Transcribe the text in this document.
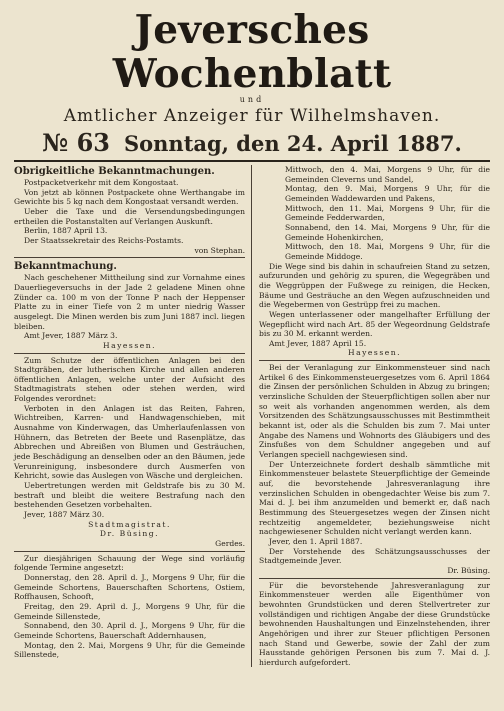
Jeversches Wochenblatt
und
Amtlicher Anzeiger für Wilhelmshaven.
№ 63 Sonntag, den 24. April 1887.

Obrigkeitliche Bekanntmachungen.

Postpacketverkehr mit dem Kongostaat.

Von jetzt ab können Postpackete ohne Werthangabe im Gewichte bis 5 kg nach dem Kongostaat versandt werden.

Ueber die Taxe und die Versendungsbedingungen ertheilen die Postanstalten auf Verlangen Auskunft.

Berlin, 1887 April 13.

Der Staatssekretair des Reichs-Postamts.

von Stephan.

Bekanntmachung.

Nach geschehener Mittheilung sind zur Vornahme eines Dauerliegeversuchs in der Jade 2 geladene Minen ohne Zünder ca. 100 m von der Tonne P nach der Heppenser Platte zu in einer Tiefe von 2 m unter niedrig Wasser ausgelegt. Die Minen werden bis zum Juni 1887 incl. liegen bleiben.

Amt Jever, 1887 März 3.

Hayessen.

Zum Schutze der öffentlichen Anlagen bei den Stadtgräben, der lutherischen Kirche und allen anderen öffentlichen Anlagen, welche unter der Aufsicht des Stadtmagistrats stehen oder stehen werden, wird Folgendes verordnet:

Verboten in den Anlagen ist das Reiten, Fahren, Wichtreiben, Karren- und Handwagenschieben, mit Ausnahme von Kinderwagen, das Umherlaufenlassen von Hühnern, das Betreten der Beete und Rasenplätze, das Abbrechen und Abreißen von Blumen und Gesträuchen, jede Beschädigung an denselben oder an den Bäumen, jede Verunreinigung, insbesondere durch Ausmerfen von Kehricht, sowie das Auslegen von Wäsche und dergleichen.

Uebertretungen werden mit Geldstrafe bis zu 30 M. bestraft und bleibt die weitere Bestrafung nach den bestehenden Gesetzen vorbehalten.

Jever, 1887 März 30.

Stadtmagistrat.

Dr. Büsing.

Gerdes.

Zur diesjährigen Schauung der Wege sind vorläufig folgende Termine angesetzt:

Donnerstag, den 28. April d. J., Morgens 9 Uhr, für die Gemeinde Schortens, Bauerschaften Schortens, Ostiem, Roffhausen, Schooft,

Freitag, den 29. April d. J., Morgens 9 Uhr, für die Gemeinde Sillenstede,

Sonnabend, den 30. April d. J., Morgens 9 Uhr, für die Gemeinde Schortens, Bauerschaft Addernhausen,

Montag, den 2. Mai, Morgens 9 Uhr, für die Gemeinde Sillenstede,

Mittwoch, den 4. Mai, Morgens 9 Uhr, für die Gemeinden Cleverns und Sandel,

Montag, den 9. Mai, Morgens 9 Uhr, für die Gemeinden Waddewarden und Pakens,

Mittwoch, den 11. Mai, Morgens 9 Uhr, für die Gemeinde Fedderwarden,

Sonnabend, den 14. Mai, Morgens 9 Uhr, für die Gemeinde Hohenkirchen,

Mittwoch, den 18. Mai, Morgens 9 Uhr, für die Gemeinde Middoge.

Die Wege sind bis dahin in schaufreien Stand zu setzen, aufzurunden und gehörig zu spuren, die Wegegräben und die Weggrüppen der Fußwege zu reinigen, die Hecken, Bäume und Gesträuche an den Wegen aufzuschneiden und die Wegebermen von Gestrüpp frei zu machen.

Wegen unterlassener oder mangelhafter Erfüllung der Wegepflicht wird nach Art. 85 der Wegeordnung Geldstrafe bis zu 30 M. erkannt werden.

Amt Jever, 1887 April 15.

Hayessen.

Bei der Veranlagung zur Einkommensteuer sind nach Artikel 6 des Einkommensteuergesetzes vom 6. April 1864 die Zinsen der persönlichen Schulden in Abzug zu bringen; verzinsliche Schulden der Steuerpflichtigen sollen aber nur so weit als vorhanden angenommen werden, als dem Vorsitzenden des Schätzungsausschusses mit Bestimmtheit bekannt ist, oder als die Schulden bis zum 7. Mai unter Angabe des Namens und Wohnorts des Gläubigers und des Zinsfußes von dem Schuldner angegeben und auf Verlangen speciell nachgewiesen sind.

Der Unterzeichnete fordert deshalb sämmtliche mit Einkommensteuer belastete Steuerpflichtige der Gemeinde auf, die bevorstehende Jahresveranlagung ihre verzinslichen Schulden in obengedachter Weise bis zum 7. Mai d. J. bei ihm anzumelden und bemerkt er, daß nach Bestimmung des Steuergesetzes wegen der Zinsen nicht rechtzeitig angemeldeter, beziehungsweise nicht nachgewiesener Schulden nicht verlangt werden kann.

Jever, den 1. April 1887.

Der Vorstehende des Schätzungsausschusses der Stadtgemeinde Jever.

Dr. Büsing.

Für die bevorstehende Jahresveranlagung zur Einkommensteuer werden alle Eigenthümer von bewohnten Grundstücken und deren Stellvertreter zur vollständigen und richtigen Angabe der diese Grundstücke bewohnenden Haushaltungen und Einzelnstehenden, ihrer Angehörigen und ihrer zur Steuer pflichtigen Personen nach Stand und Gewerbe, sowie der Zahl der zum Hausstande gehörigen Personen bis zum 7. Mai d. J. hierdurch aufgefordert.
